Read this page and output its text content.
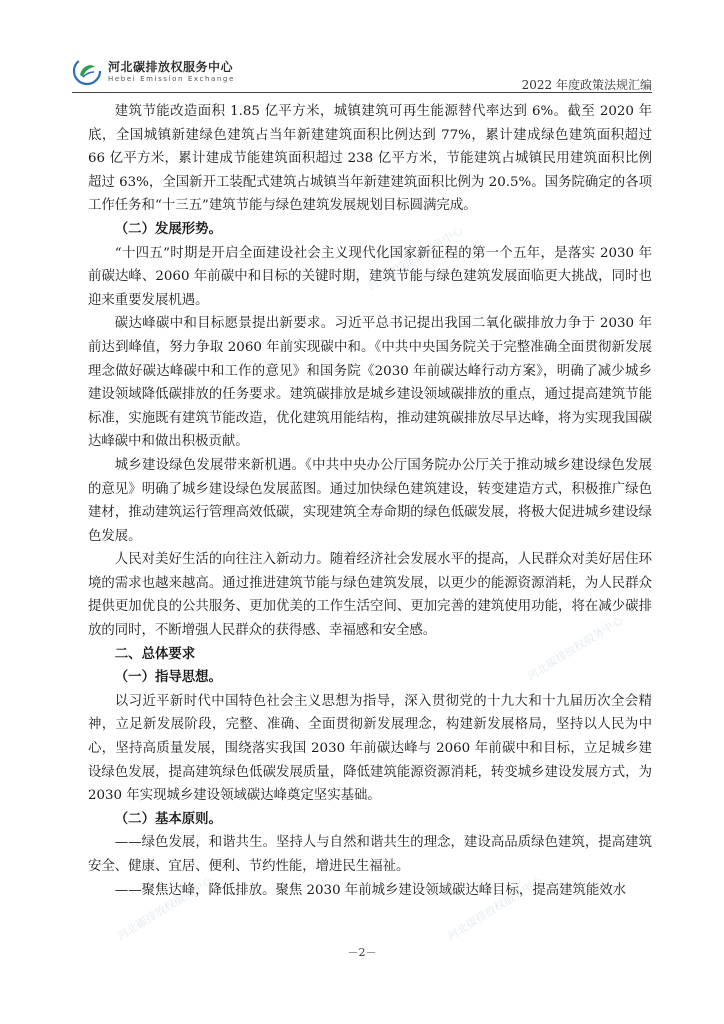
河北碳排放权服务中心
Hebei Emission Exchange	2022 年度政策法规汇编

建筑节能改造面积 1.85 亿平方米，城镇建筑可再生能源替代率达到 6%。截至 2020 年底，全国城镇新建绿色建筑占当年新建建筑面积比例达到 77%，累计建成绿色建筑面积超过 66 亿平方米，累计建成节能建筑面积超过 238 亿平方米，节能建筑占城镇民用建筑面积比例超过 63%，全国新开工装配式建筑占城镇当年新建建筑面积比例为 20.5%。国务院确定的各项工作任务和“十三五”建筑节能与绿色建筑发展规划目标圆满完成。

（二）发展形势。

“十四五”时期是开启全面建设社会主义现代化国家新征程的第一个五年，是落实 2030 年前碳达峰、2060 年前碳中和目标的关键时期，建筑节能与绿色建筑发展面临更大挑战，同时也迎来重要发展机遇。

碳达峰碳中和目标愿景提出新要求。习近平总书记提出我国二氧化碳排放力争于 2030 年前达到峰值，努力争取 2060 年前实现碳中和。《中共中央国务院关于完整准确全面贯彻新发展理念做好碳达峰碳中和工作的意见》和国务院《2030 年前碳达峰行动方案》，明确了减少城乡建设领域降低碳排放的任务要求。建筑碳排放是城乡建设领域碳排放的重点，通过提高建筑节能标准，实施既有建筑节能改造，优化建筑用能结构，推动建筑碳排放尽早达峰，将为实现我国碳达峰碳中和做出积极贡献。

城乡建设绿色发展带来新机遇。《中共中央办公厅国务院办公厅关于推动城乡建设绿色发展的意见》明确了城乡建设绿色发展蓝图。通过加快绿色建筑建设，转变建造方式，积极推广绿色建材，推动建筑运行管理高效低碳，实现建筑全寿命期的绿色低碳发展，将极大促进城乡建设绿色发展。

人民对美好生活的向往注入新动力。随着经济社会发展水平的提高，人民群众对美好居住环境的需求也越来越高。通过推进建筑节能与绿色建筑发展，以更少的能源资源消耗，为人民群众提供更加优良的公共服务、更加优美的工作生活空间、更加完善的建筑使用功能，将在减少碳排放的同时，不断增强人民群众的获得感、幸福感和安全感。

二、总体要求

（一）指导思想。

以习近平新时代中国特色社会主义思想为指导，深入贯彻党的十九大和十九届历次全会精神，立足新发展阶段，完整、准确、全面贯彻新发展理念，构建新发展格局，坚持以人民为中心，坚持高质量发展，围绕落实我国 2030 年前碳达峰与 2060 年前碳中和目标，立足城乡建设绿色发展，提高建筑绿色低碳发展质量，降低建筑能源资源消耗，转变城乡建设发展方式，为 2030 年实现城乡建设领域碳达峰奠定坚实基础。

（二）基本原则。

——绿色发展，和谐共生。坚持人与自然和谐共生的理念，建设高品质绿色建筑，提高建筑安全、健康、宜居、便利、节约性能，增进民生福祉。

——聚焦达峰，降低排放。聚焦 2030 年前城乡建设领域碳达峰目标，提高建筑能效水

河北碳排放权服务中心
河北碳排放权服务中心
河北碳排放权服务中心	河北碳排放权服务中心
－2－
